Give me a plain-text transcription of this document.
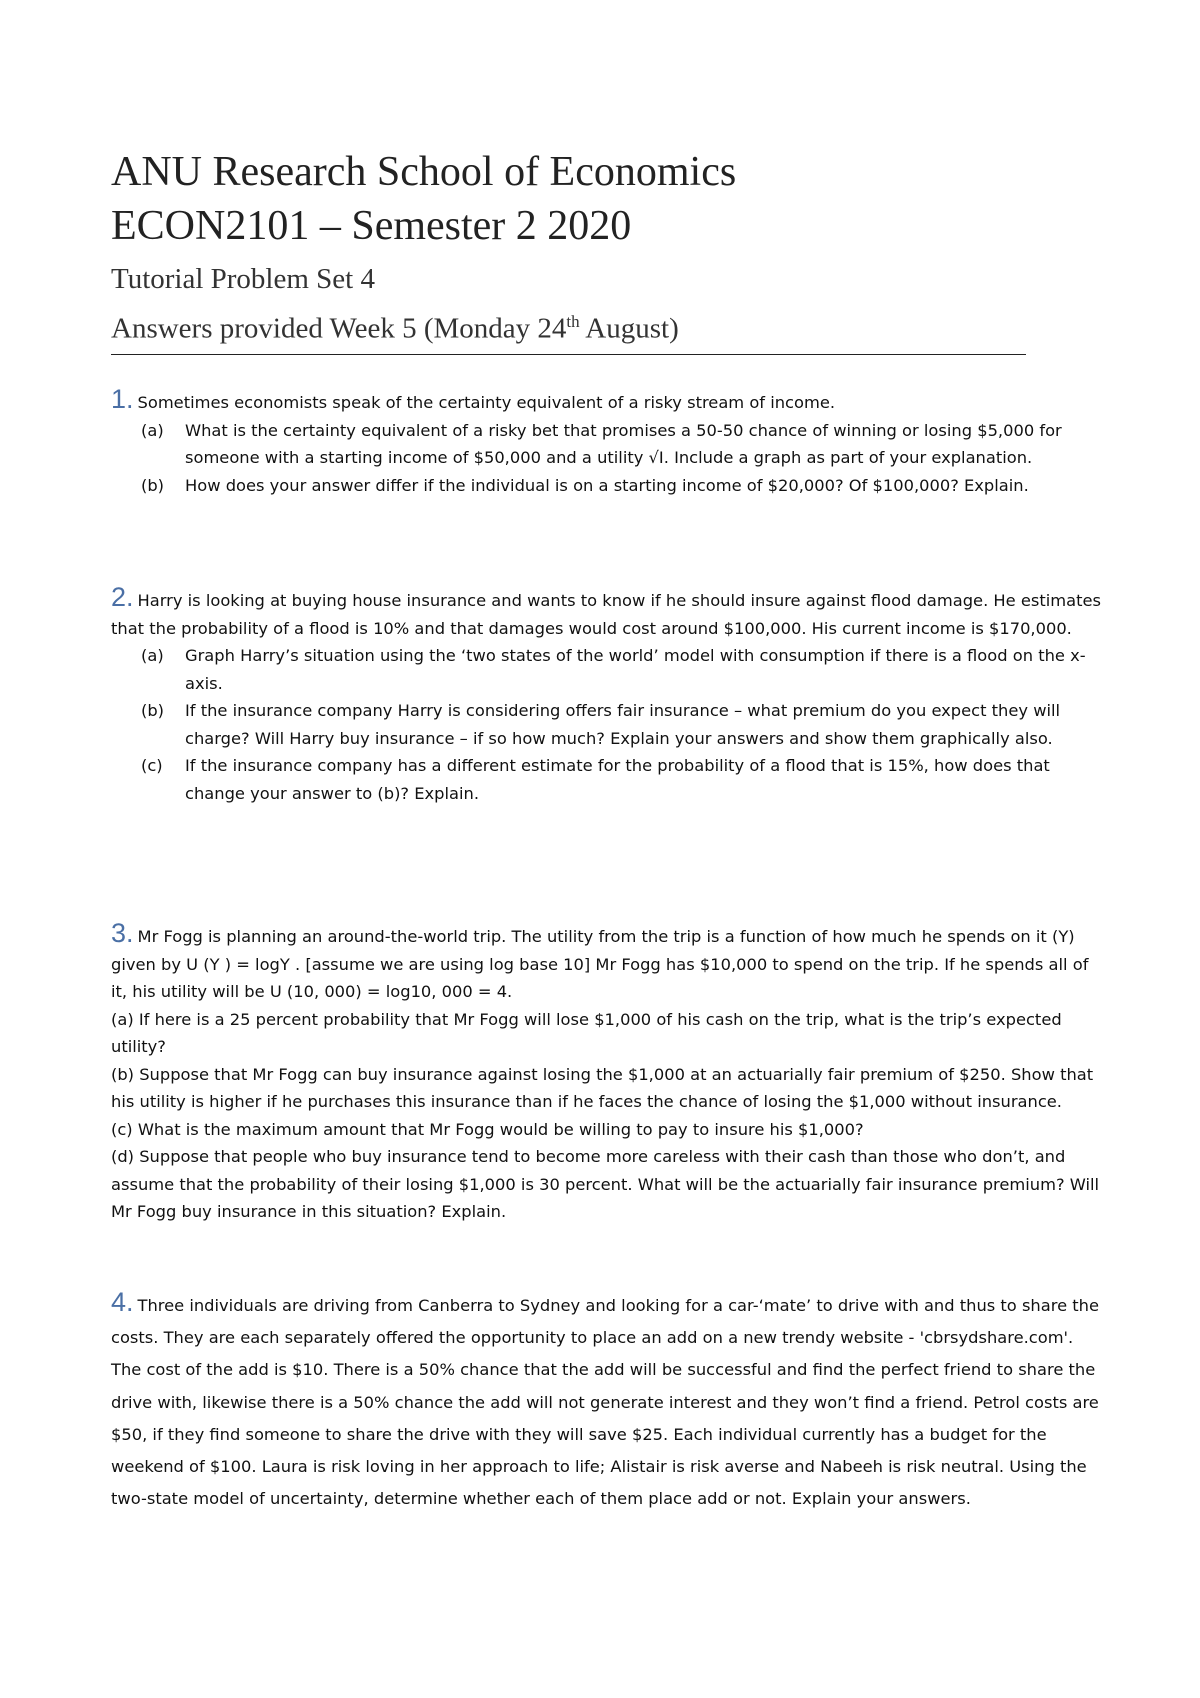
ANU Research School of Economics
ECON2101 – Semester 2 2020
Tutorial Problem Set 4
Answers provided Week 5 (Monday 24th August)

1. Sometimes economists speak of the certainty equivalent of a risky stream of income.

(a)	What is the certainty equivalent of a risky bet that promises a 50-50 chance of winning or losing $5,000 for someone with a starting income of $50,000 and a utility √I. Include a graph as part of your explanation.
(b)	How does your answer differ if the individual is on a starting income of $20,000? Of $100,000? Explain.

2. Harry is looking at buying house insurance and wants to know if he should insure against flood damage. He estimates that the probability of a flood is 10% and that damages would cost around $100,000. His current income is $170,000.

(a)	Graph Harry’s situation using the ‘two states of the world’ model with consumption if there is a flood on the x-axis.
(b)	If the insurance company Harry is considering offers fair insurance – what premium do you expect they will charge? Will Harry buy insurance – if so how much? Explain your answers and show them graphically also.
(c)	If the insurance company has a different estimate for the probability of a flood that is 15%, how does that change your answer to (b)? Explain.

3. Mr Fogg is planning an around-the-world trip. The utility from the trip is a function of how much he spends on it (Y) given by U (Y ) = logY . [assume we are using log base 10] Mr Fogg has $10,000 to spend on the trip. If he spends all of it, his utility will be U (10, 000) = log10, 000 = 4.

(a) If here is a 25 percent probability that Mr Fogg will lose $1,000 of his cash on the trip, what is the trip’s expected utility?

(b) Suppose that Mr Fogg can buy insurance against losing the $1,000 at an actuarially fair premium of $250. Show that his utility is higher if he purchases this insurance than if he faces the chance of losing the $1,000 without insurance.

(c) What is the maximum amount that Mr Fogg would be willing to pay to insure his $1,000?

(d) Suppose that people who buy insurance tend to become more careless with their cash than those who don’t, and assume that the probability of their losing $1,000 is 30 percent. What will be the actuarially fair insurance premium? Will Mr Fogg buy insurance in this situation? Explain.

4. Three individuals are driving from Canberra to Sydney and looking for a car-‘mate’ to drive with and thus to share the costs. They are each separately offered the opportunity to place an add on a new trendy website - 'cbrsydshare.com'. The cost of the add is $10. There is a 50% chance that the add will be successful and find the perfect friend to share the drive with, likewise there is a 50% chance the add will not generate interest and they won’t find a friend. Petrol costs are $50, if they find someone to share the drive with they will save $25. Each individual currently has a budget for the weekend of $100. Laura is risk loving in her approach to life; Alistair is risk averse and Nabeeh is risk neutral. Using the two-state model of uncertainty, determine whether each of them place add or not. Explain your answers.
